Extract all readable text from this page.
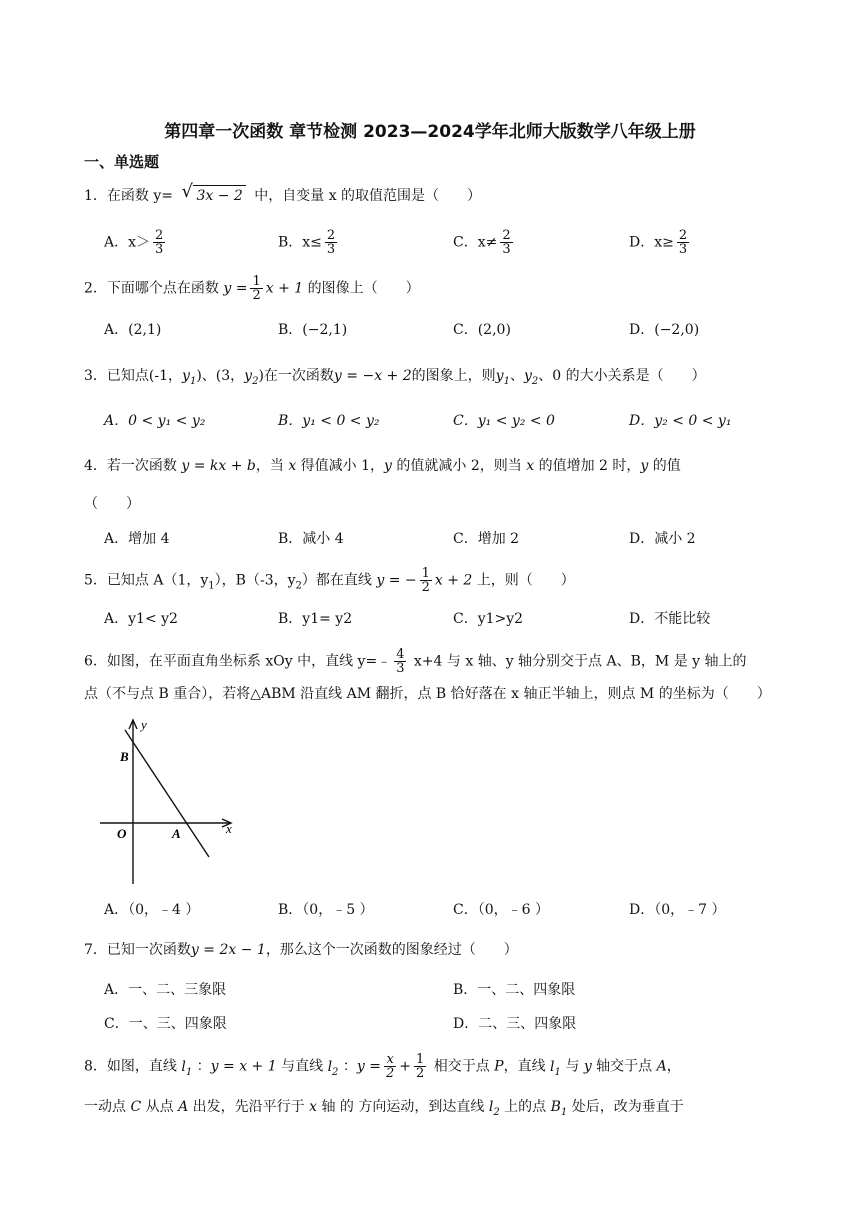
第四章一次函数 章节检测 2023—2024学年北师大版数学八年级上册
一、单选题
1．在函数 y= √ 3x − 2 中，自变量 x 的取值范围是（　　）
A．$x> \frac{2}{3}$	B．$x\le \frac{2}{3}$	C．$x\ne \frac{2}{3}$	D．$x\ge \frac{2}{3}$
2．下面哪个点在函数 $y = \frac{1}{2}$ x + 1 的图像上（　　）
A．(2,1)	B．(−2,1)	C．(2,0)	D．(−2,0)
3．已知点(-1，$y_1$)、(3，$y_2$)在一次函数y = −x + 2的图象上，则$y_1$、$y_2$、0 的大小关系是（　　）
A．0 < y₁ < y₂	B．y₁ < 0 < y₂	C．y₁ < y₂ < 0	D．y₂ < 0 < y₁
4．若一次函数 y = kx + b，当 x 得值减小 1，y 的值就减小 2，则当 x 的值增加 2 时，y 的值
（　　）
A．增加 4	B．减小 4	C．增加 2	D．减小 2
5．已知点 A（1，$y_1$），B（-3，$y_2$）都在直线 y = − $\frac{1}{2}$ x + 2 上，则（　　）
A．y1< y2	B．y1= y2	C．y1>y2	D．不能比较
6．如图，在平面直角坐标系 xOy 中，直线 y=﹣ $\frac{4}{3} x+4$ 与 x 轴、y 轴分别交于点 A、B，M 是 y 轴上的
点（不与点 B 重合），若将△ABM 沿直线 AM 翻折，点 B 恰好落在 x 轴正半轴上，则点 M 的坐标为（　　）
y
x
O	A
B
A．（0，﹣4 ）	B．（0，﹣5 ）	C．（0，﹣6 ）	D．（0，﹣7 ）
7．已知一次函数y = 2x − 1，那么这个一次函数的图象经过（　　）
A．一、二、三象限	B．一、二、四象限
C．一、三、四象限	D．二、三、四象限
8．如图，直线 $l_1$ ：y = x + 1 与直线 $l_2$ ：$y = \frac{x}{2} + \frac{1}{2}$ 相交于点 P，直线 $l_1$ 与 y 轴交于点 A，
一动点 C 从点 A 出发，先沿平行于 x 轴 的 方向运动，到达直线 $l_2$ 上的点 $B_1$ 处后，改为垂直于
